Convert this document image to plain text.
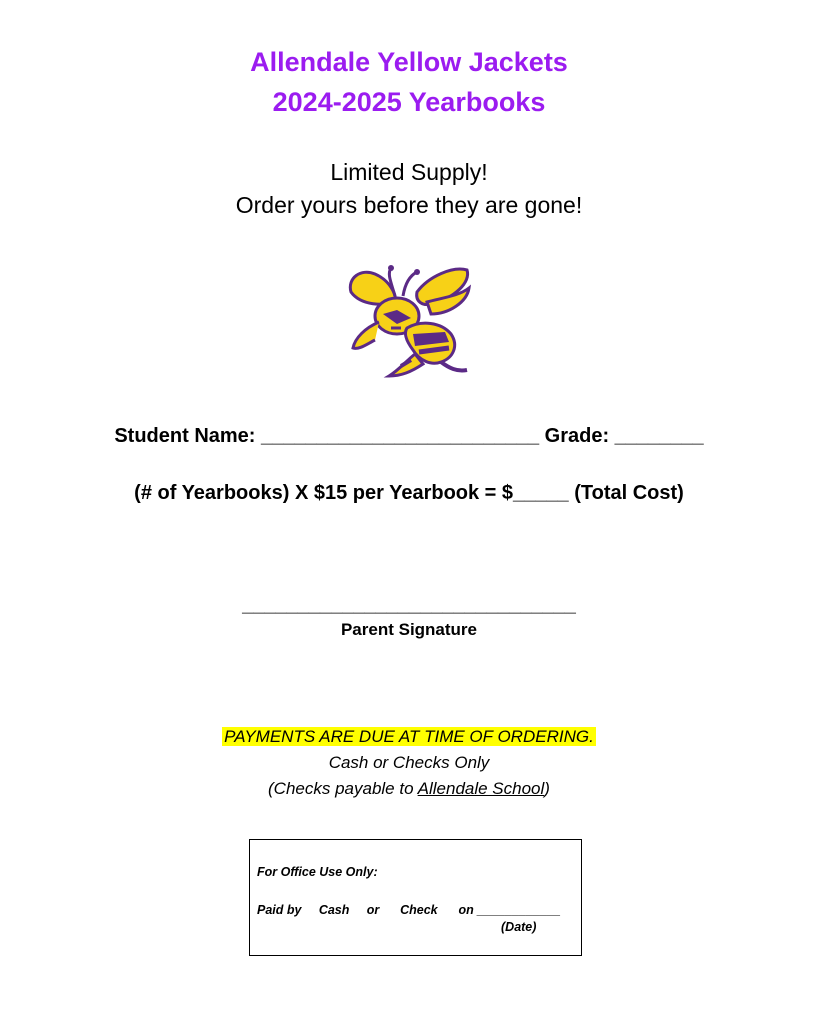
Allendale Yellow Jackets
2024-2025 Yearbooks
Limited Supply!
Order yours before they are gone!
Student Name: _________________________ Grade: ________
(# of Yearbooks) X $15 per Yearbook = $_____ (Total Cost)
______________________________
Parent Signature
PAYMENTS ARE DUE AT TIME OF ORDERING.
Cash or Checks Only
(Checks payable to Allendale School)
For Office Use Only:
Paid by     Cash     or      Check      on ____________
(Date)
